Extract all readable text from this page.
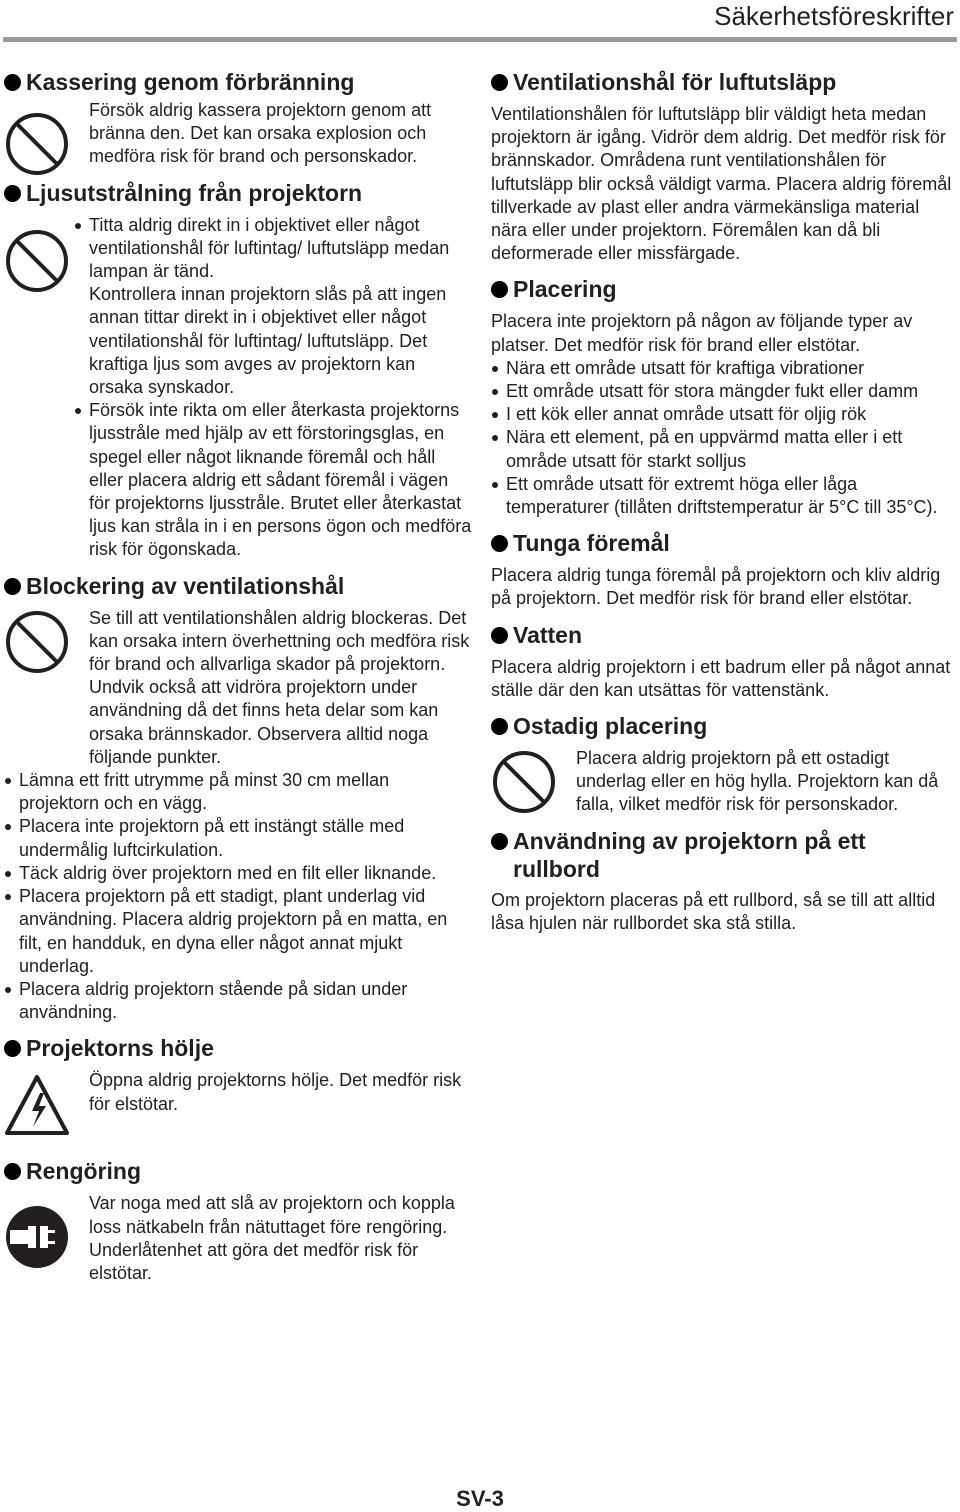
Säkerhetsföreskrifter
Kassering genom förbränning

Försök aldrig kassera projektorn genom att bränna den. Det kan orsaka explosion och medföra risk för brand och personskador.

Ljusutstrålning från projektorn

Titta aldrig direkt in i objektivet eller något ventilationshål för luftintag/ luftutsläpp medan lampan är tänd.

Kontrollera innan projektorn slås på att ingen annan tittar direkt in i objektivet eller något ventilationshål för luftintag/ luftutsläpp. Det kraftiga ljus som avges av projektorn kan orsaka synskador.

Försök inte rikta om eller återkasta projektorns ljusstråle med hjälp av ett förstoringsglas, en spegel eller något liknande föremål och håll eller placera aldrig ett sådant föremål i vägen för projektorns ljusstråle. Brutet eller återkastat ljus kan stråla in i en persons ögon och medföra risk för ögonskada.

Blockering av ventilationshål

Se till att ventilationshålen aldrig blockeras. Det kan orsaka intern överhettning och medföra risk för brand och allvarliga skador på projektorn. Undvik också att vidröra projektorn under användning då det finns heta delar som kan orsaka brännskador. Observera alltid noga följande punkter.

Lämna ett fritt utrymme på minst 30 cm mellan projektorn och en vägg.

Placera inte projektorn på ett instängt ställe med undermålig luftcirkulation.

Täck aldrig över projektorn med en filt eller liknande.

Placera projektorn på ett stadigt, plant underlag vid användning. Placera aldrig projektorn på en matta, en filt, en handduk, en dyna eller något annat mjukt underlag.

Placera aldrig projektorn stående på sidan under användning.

Projektorns hölje

Öppna aldrig projektorns hölje. Det medför risk för elstötar.

Rengöring

Var noga med att slå av projektorn och koppla loss nätkabeln från nätuttaget före rengöring. Underlåtenhet att göra det medför risk för elstötar.

Ventilationshål för luftutsläpp

Ventilationshålen för luftutsläpp blir väldigt heta medan projektorn är igång. Vidrör dem aldrig. Det medför risk för brännskador. Områdena runt ventilationshålen för luftutsläpp blir också väldigt varma. Placera aldrig föremål tillverkade av plast eller andra värmekänsliga material nära eller under projektorn. Föremålen kan då bli deformerade eller missfärgade.

Placering

Placera inte projektorn på någon av följande typer av platser. Det medför risk för brand eller elstötar.

Nära ett område utsatt för kraftiga vibrationer

Ett område utsatt för stora mängder fukt eller damm

I ett kök eller annat område utsatt för oljig rök

Nära ett element, på en uppvärmd matta eller i ett område utsatt för starkt solljus

Ett område utsatt för extremt höga eller låga temperaturer (tillåten driftstemperatur är 5°C till 35°C).

Tunga föremål

Placera aldrig tunga föremål på projektorn och kliv aldrig på projektorn. Det medför risk för brand eller elstötar.

Vatten

Placera aldrig projektorn i ett badrum eller på något annat ställe där den kan utsättas för vattenstänk.

Ostadig placering

Placera aldrig projektorn på ett ostadigt underlag eller en hög hylla. Projektorn kan då falla, vilket medför risk för personskador.

Användning av projektorn på ett rullbord

Om projektorn placeras på ett rullbord, så se till att alltid låsa hjulen när rullbordet ska stå stilla.

SV-3
